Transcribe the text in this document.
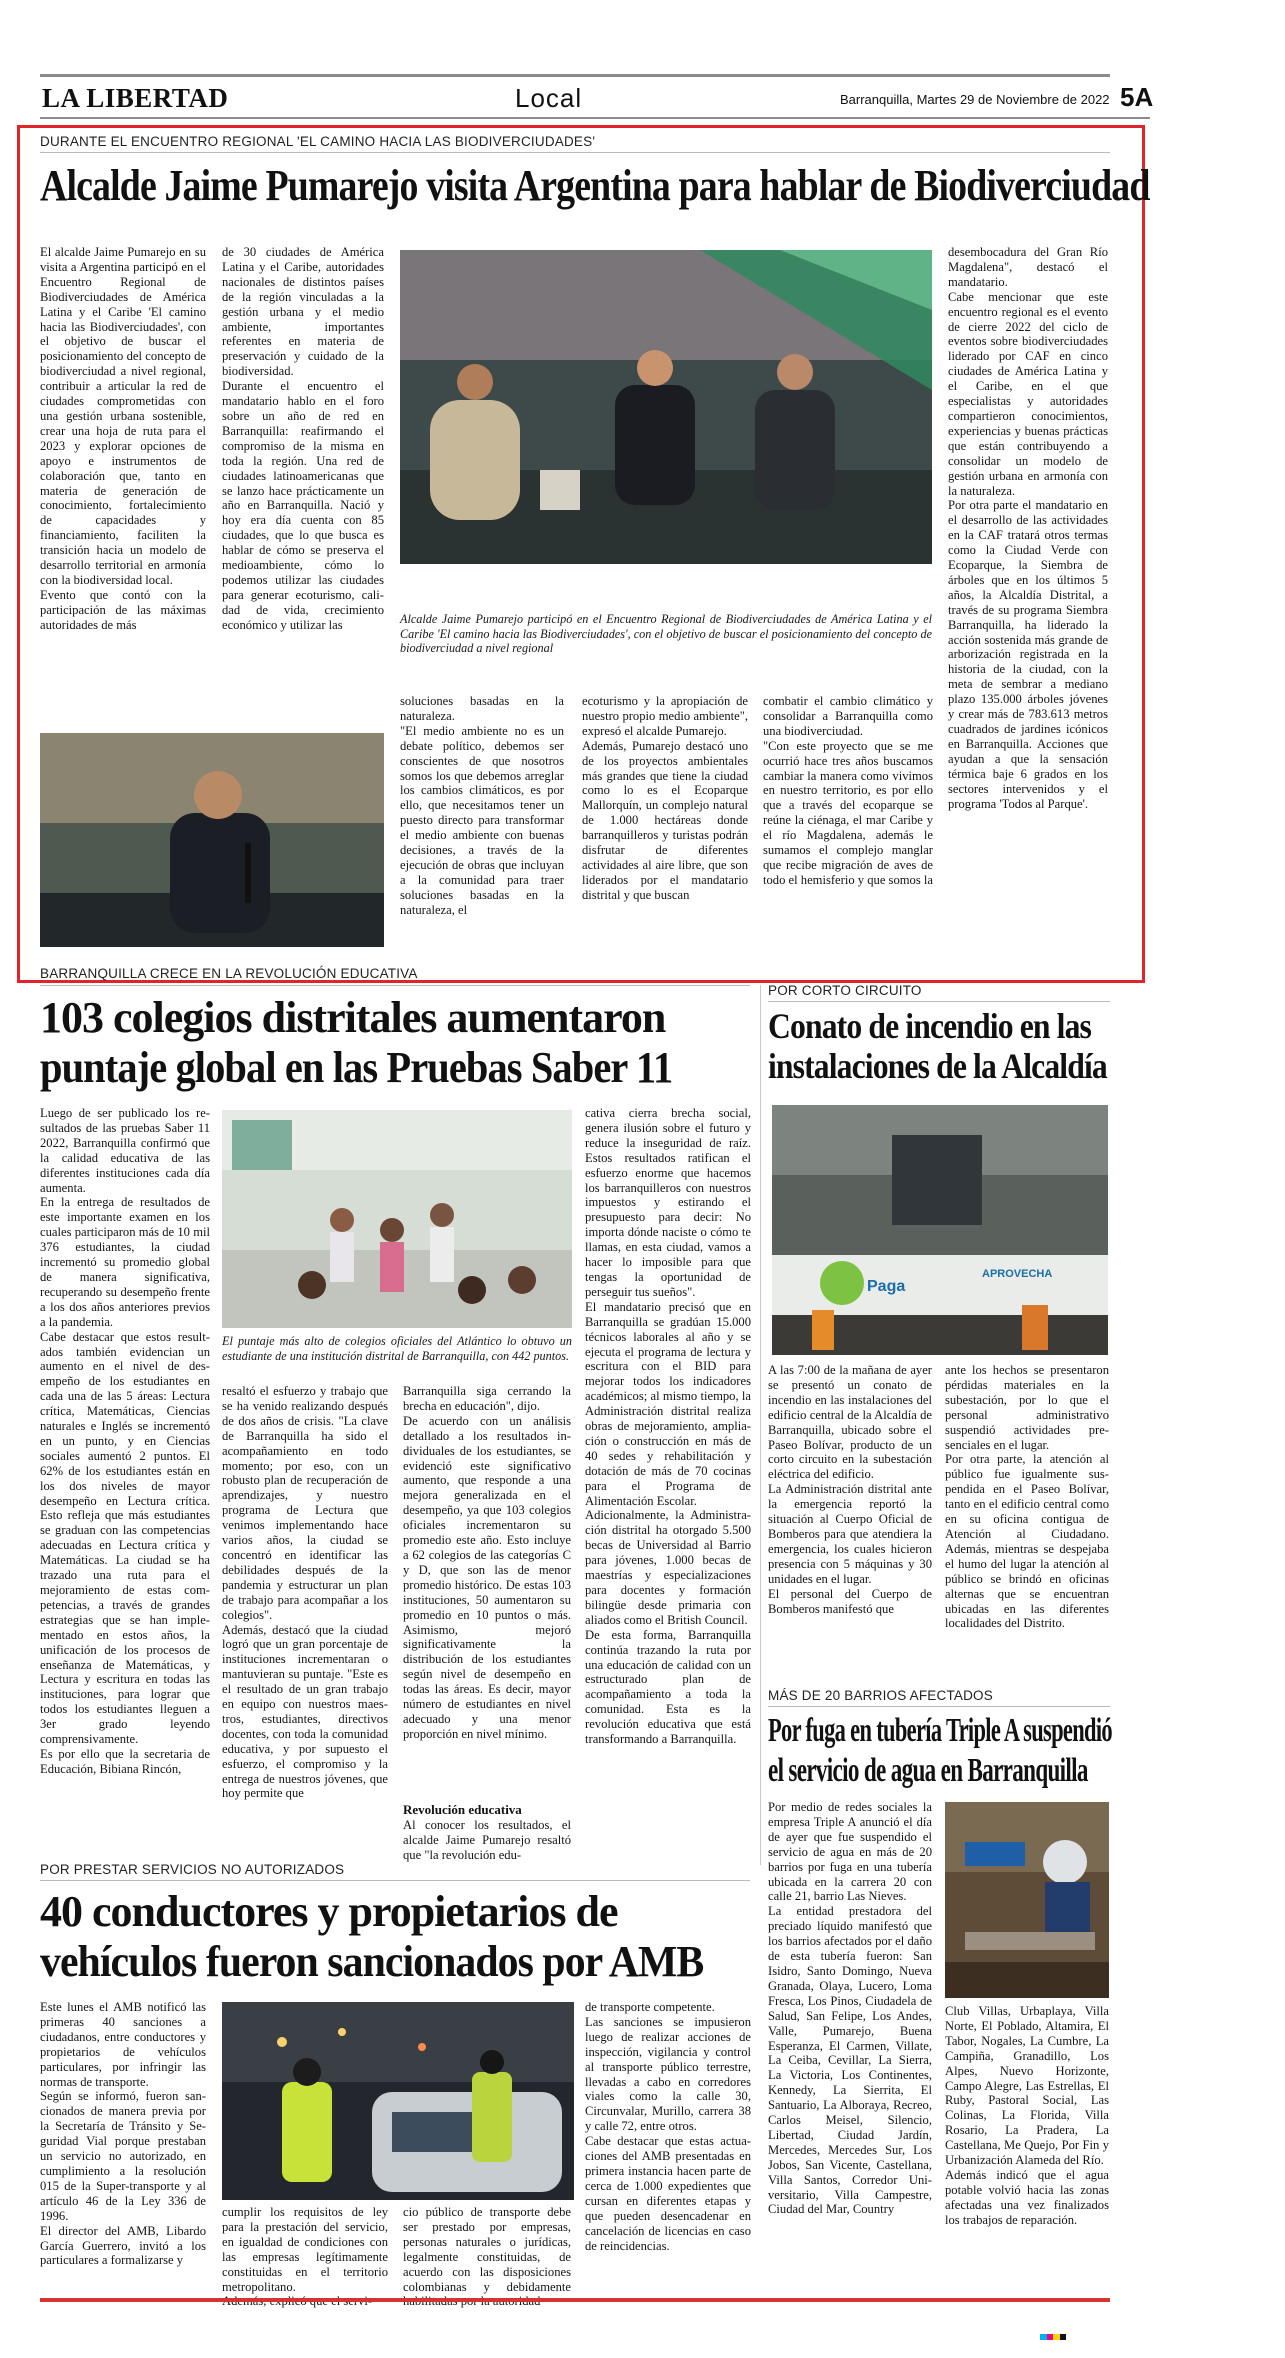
LA LIBERTAD	Local	Barranquilla, Martes 29 de Noviembre de 2022 5A
DURANTE EL ENCUENTRO REGIONAL 'EL CAMINO HACIA LAS BIODIVERCIUDADES'
Alcalde Jaime Pumarejo visita Argentina para hablar de Biodiverciudad
El alcalde Jaime Pumarejo en su visita a Argentina participó en el Encuentro Regional de Biodiverciudades de América Latina y el Caribe 'El camino hacia las Biodiverciudades', con el objetivo de buscar el posicionamiento del concepto de biodiverciudad a nivel regional, contribuir a articular la red de ciudades comprometidas con una gestión urbana sostenible, crear una hoja de ruta para el 2023 y explorar opciones de apoyo e instrumentos de colaboración que, tanto en materia de generación de conocimiento, fortalecimiento de capacidades y financiamiento, faciliten la transición hacia un modelo de desarrollo territorial en armonía con la biodiversidad local.
Evento que contó con la participación de las máximas autoridades de más
de 30 ciudades de América Latina y el Caribe, autoridades nacionales de distintos países de la región vinculadas a la gestión urbana y el medio ambiente, importantes referentes en materia de preservación y cuidado de la biodiversidad.
Durante el encuentro el mandatario hablo en el foro sobre un año de red en Barranquilla: reafirmando el compromiso de la misma en toda la región. Una red de ciudades latinoamericanas que se lanzo hace prácticamente un año en Barranquilla. Nació y hoy era día cuenta con 85 ciudades, que lo que busca es hablar de cómo se preserva el medioambiente, cómo lo podemos utilizar las ciudades para generar ecoturismo, calidad de vida, crecimiento económico y utilizar las	Alcalde Jaime Pumarejo participó en el Encuentro Regional de Biodiverciudades de América Latina y el Caribe 'El camino hacia las Biodiverciudades', con el objetivo de buscar el posicionamiento del concepto de biodiverciudad a nivel regional
soluciones basadas en la naturaleza.
"El medio ambiente no es un debate político, debemos ser conscientes de que nosotros somos los que debemos arreglar los cambios climáticos, es por ello, que necesitamos tener un puesto directo para transformar el medio ambiente con buenas decisiones, a través de la ejecución de obras que incluyan a la comunidad para traer soluciones basadas en la naturaleza, el
ecoturismo y la apropiación de nuestro propio medio ambiente", expresó el alcalde Pumarejo.
Además, Pumarejo destacó uno de los proyectos ambientales más grandes que tiene la ciudad como lo es el Ecoparque Mallorquín, un complejo natural de 1.000 hectáreas donde barranquilleros y turistas podrán disfrutar de diferentes actividades al aire libre, que son liderados por el mandatario distrital y que buscan
combatir el cambio climático y consolidar a Barranquilla como una biodiverciudad.
"Con este proyecto que se me ocurrió hace tres años buscamos cambiar la manera como vivimos en nuestro territorio, es por ello que a través del ecoparque se reúne la ciénaga, el mar Caribe y el río Magdalena, además le sumamos el complejo manglar que recibe migración de aves de todo el hemisferio y que somos la
desembocadura del Gran Río Magdalena", destacó el mandatario.
Cabe mencionar que este encuentro regional es el evento de cierre 2022 del ciclo de eventos sobre biodiverciudades liderado por CAF en cinco ciudades de América Latina y el Caribe, en el que especialistas y autoridades compartieron conocimientos, experiencias y buenas prácticas que están contribuyendo a consolidar un modelo de gestión urbana en armonía con la naturaleza.
Por otra parte el mandatario en el desarrollo de las actividades en la CAF tratará otros termas como la Ciudad Verde con Ecoparque, la Siembra de árboles que en los últimos 5 años, la Alcaldía Distrital, a través de su programa Siembra Barranquilla, ha liderado la acción sostenida más grande de arborización registrada en la historia de la ciudad, con la meta de sembrar a mediano plazo 135.000 árboles jóvenes y crear más de 783.613 metros cuadrados de jardines icónicos en Barranquilla. Acciones que ayudan a que la sensación térmica baje 6 grados en los sectores intervenidos y el programa 'Todos al Parque'.
BARRANQUILLA CRECE EN LA REVOLUCIÓN EDUCATIVA
103 colegios distritales aumentaron
puntaje global en las Pruebas Saber 11
Luego de ser publicado los resultados de las pruebas Saber 11 2022, Barranquilla confirmó que la calidad educativa de las diferentes instituciones cada día aumenta.
En la entrega de resultados de este importante examen en los cuales participaron más de 10 mil 376 estudiantes, la ciudad incrementó su promedio global de manera significativa, recuperando su desempeño frente a los dos años anteriores previos a la pandemia.
Cabe destacar que estos resultados también evidencian un aumento en el nivel de desempeño de los estudiantes en cada una de las 5 áreas: Lectura crítica, Matemáticas, Ciencias naturales e Inglés se incrementó en un punto, y en Ciencias sociales aumentó 2 puntos. El 62% de los estudiantes están en los dos niveles de mayor desempeño en Lectura crítica. Esto refleja que más estudiantes se graduan con las competencias adecuadas en Lectura crítica y Matemáticas. La ciudad se ha trazado una ruta para el mejoramiento de estas competencias, a través de grandes estrategias que se han implementado en estos años, la unificación de los procesos de enseñanza de Matemáticas, y Lectura y escritura en todas las instituciones, para lograr que todos los estudiantes lleguen a 3er grado leyendo comprensivamente.
Es por ello que la secretaria de Educación, Bibiana Rincón,
El puntaje más alto de colegios oficiales del Atlántico lo obtuvo un estudiante de una institución distrital de Barranquilla, con 442 puntos.
resaltó el esfuerzo y trabajo que se ha venido realizando después de dos años de crisis. "La clave de Barranquilla ha sido el acompañamiento en todo momento; por eso, con un robusto plan de recuperación de aprendizajes, y nuestro programa de Lectura que venimos implementando hace varios años, la ciudad se concentró en identificar las debilidades después de la pandemia y estructurar un plan de trabajo para acompañar a los colegios".
Además, destacó que la ciudad logró que un gran porcentaje de instituciones incrementaran o mantuvieran su puntaje. "Este es el resultado de un gran trabajo en equipo con nuestros maestros, estudiantes, directivos docentes, con toda la comunidad educativa, y por supuesto el esfuerzo, el compromiso y la entrega de nuestros jóvenes, que hoy permite que
Barranquilla siga cerrando la brecha en educación", dijo.
De acuerdo con un análisis detallado a los resultados individuales de los estudiantes, se evidenció este significativo aumento, que responde a una mejora generalizada en el desempeño, ya que 103 colegios oficiales incrementaron su promedio este año. Esto incluye a 62 colegios de las categorías C y D, que son las de menor promedio histórico. De estas 103 instituciones, 50 aumentaron su promedio en 10 puntos o más. Asimismo, mejoró significativamente la distribución de los estudiantes según nivel de desempeño en todas las áreas. Es decir, mayor número de estudiantes en nivel adecuado y una menor proporción en nivel mínimo.
Revolución educativa
Al conocer los resultados, el alcalde Jaime Pumarejo resaltó que "la revolución edu-
cativa cierra brecha social, genera ilusión sobre el futuro y reduce la inseguridad de raíz. Estos resultados ratifican el esfuerzo enorme que hacemos los barranquilleros con nuestros impuestos y estirando el presupuesto para decir: No importa dónde naciste o cómo te llamas, en esta ciudad, vamos a hacer lo imposible para que tengas la oportunidad de perseguir tus sueños".
El mandatario precisó que en Barranquilla se gradúan 15.000 técnicos laborales al año y se ejecuta el programa de lectura y escritura con el BID para mejorar todos los indicadores académicos; al mismo tiempo, la Administración distrital realiza obras de mejoramiento, ampliación o construcción en más de 40 sedes y rehabilitación y dotación de más de 70 cocinas para el Programa de Alimentación Escolar.
Adicionalmente, la Administración distrital ha otorgado 5.500 becas de Universidad al Barrio para jóvenes, 1.000 becas de maestrías y especializaciones para docentes y formación bilingüe desde primaria con aliados como el British Council.
De esta forma, Barranquilla continúa trazando la ruta por una educación de calidad con un estructurado plan de acompañamiento a toda la comunidad. Esta es la revolución educativa que está transformando a Barranquilla.
POR CORTO CIRCUITO
Conato de incendio en las
instalaciones de la Alcaldía
Paga
APROVECHA
A las 7:00 de la mañana de ayer se presentó un conato de incendio en las instalaciones del edificio central de la Alcaldía de Barranquilla, ubicado sobre el Paseo Bolívar, producto de un corto circuito en la subestación eléctrica del edificio.
La Administración distrital ante la emergencia reportó la situación al Cuerpo Oficial de Bomberos para que atendiera la emergencia, los cuales hicieron presencia con 5 máquinas y 30 unidades en el lugar.
El personal del Cuerpo de Bomberos manifestó que
ante los hechos se presentaron pérdidas materiales en la subestación, por lo que el personal administrativo suspendió actividades presenciales en el lugar.
Por otra parte, la atención al público fue igualmente suspendida en el Paseo Bolívar, tanto en el edificio central como en su oficina contigua de Atención al Ciudadano. Además, mientras se despejaba el humo del lugar la atención al público se brindó en oficinas alternas que se encuentran ubicadas en las diferentes localidades del Distrito.
MÁS DE 20 BARRIOS AFECTADOS
Por fuga en tubería Triple A suspendió
el servicio de agua en Barranquilla
Por medio de redes sociales la empresa Triple A anunció el día de ayer que fue suspendido el servicio de agua en más de 20 barrios por fuga en una tubería ubicada en la carrera 20 con calle 21, barrio Las Nieves.
La entidad prestadora del preciado líquido manifestó que los barrios afectados por el daño de esta tubería fueron: San Isidro, Santo Domingo, Nueva Granada, Olaya, Lucero, Loma Fresca, Los Pinos, Ciudadela de Salud, San Felipe, Los Andes, Valle, Pumarejo, Buena Esperanza, El Carmen, Villate, La Ceiba, Cevillar, La Sierra, La Victoria, Los Continentes, Kennedy, La Sierrita, El Santuario, La Alboraya, Recreo, Carlos Meisel, Silencio, Libertad, Ciudad Jardín, Mercedes, Mercedes Sur, Los Jobos, San Vicente, Castellana, Villa Santos, Corredor Universitario, Villa Campestre, Ciudad del Mar, Country
Club Villas, Urbaplaya, Villa Norte, El Poblado, Altamira, El Tabor, Nogales, La Cumbre, La Campiña, Granadillo, Los Alpes, Nuevo Horizonte, Campo Alegre, Las Estrellas, El Ruby, Pastoral Social, Las Colinas, La Florida, Villa Rosario, La Pradera, La Castellana, Me Quejo, Por Fin y Urbanización Alameda del Río.
Además indicó que el agua potable volvió hacia las zonas afectadas una vez finalizados los trabajos de reparación.
POR PRESTAR SERVICIOS NO AUTORIZADOS
40 conductores y propietarios de
vehículos fueron sancionados por AMB
Este lunes el AMB notificó las primeras 40 sanciones a ciudadanos, entre conductores y propietarios de vehículos particulares, por infringir las normas de transporte.
Según se informó, fueron sancionados de manera previa por la Secretaría de Tránsito y Seguridad Vial porque prestaban un servicio no autorizado, en cumplimiento a la resolución 015 de la Super-transporte y al artículo 46 de la Ley 336 de 1996.
El director del AMB, Libardo García Guerrero, invitó a los particulares a formalizarse y
cumplir los requisitos de ley para la prestación del servicio, en igualdad de condiciones con las empresas legítimamente constituidas en el territorio metropolitano.

cio público de transporte debe ser prestado por empresas, personas naturales o jurídicas, legalmente constituidas, de acuerdo con las disposiciones colombianas y debidamente
de transporte competente.
Las sanciones se impusieron luego de realizar acciones de inspección, vigilancia y control al transporte público terrestre, llevadas a cabo en corredores viales como la calle 30, Circunvalar, Murillo, carrera 38 y calle 72, entre otros.
Cabe destacar que estas actuaciones del AMB presentadas en primera instancia hacen parte de cerca de 1.000 expedientes que cursan en diferentes etapas y que pueden desencadenar en cancelación de licencias en caso de reincidencias.
